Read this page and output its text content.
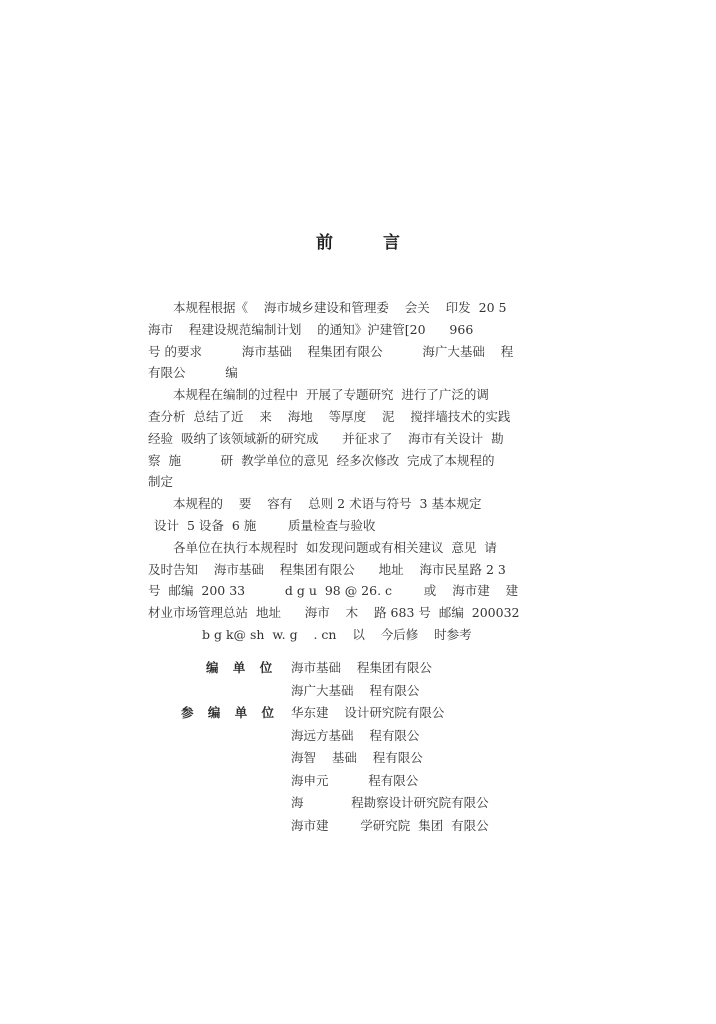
前 言
本规程根据《    海市城乡建设和管理委    会关    印发  20 5
海市    程建设规范编制计划    的通知》沪建管[20      966
号 的要求          海市基础    程集团有限公          海广大基础    程
有限公          编
本规程在编制的过程中  开展了专题研究  进行了广泛的调
查分析  总结了近    来    海地    等厚度    泥    搅拌墙技术的实践
经验  吸纳了该领域新的研究成      并征求了    海市有关设计  勘
察  施          研  教学单位的意见  经多次修改  完成了本规程的
制定
本规程的    要    容有    总则 2 术语与符号  3 基本规定
设计  5 设备  6 施        质量检查与验收
各单位在执行本规程时  如发现问题或有相关建议  意见  请
及时告知    海市基础    程集团有限公      地址    海市民星路 2 3
号  邮编  200 33          d g u  98 @ 26. c        或    海市建    建
材业市场管理总站  地址      海市    木    路 683 号  邮编  200032
b g k@ sh  w. g    . cn    以    今后修    时参考
编 单 位 海市基础    程集团有限公
海广大基础    程有限公
参 编 单 位 华东建    设计研究院有限公
海远方基础    程有限公
海智    基础    程有限公
海申元          程有限公
海            程勘察设计研究院有限公
海市建        学研究院  集团  有限公
